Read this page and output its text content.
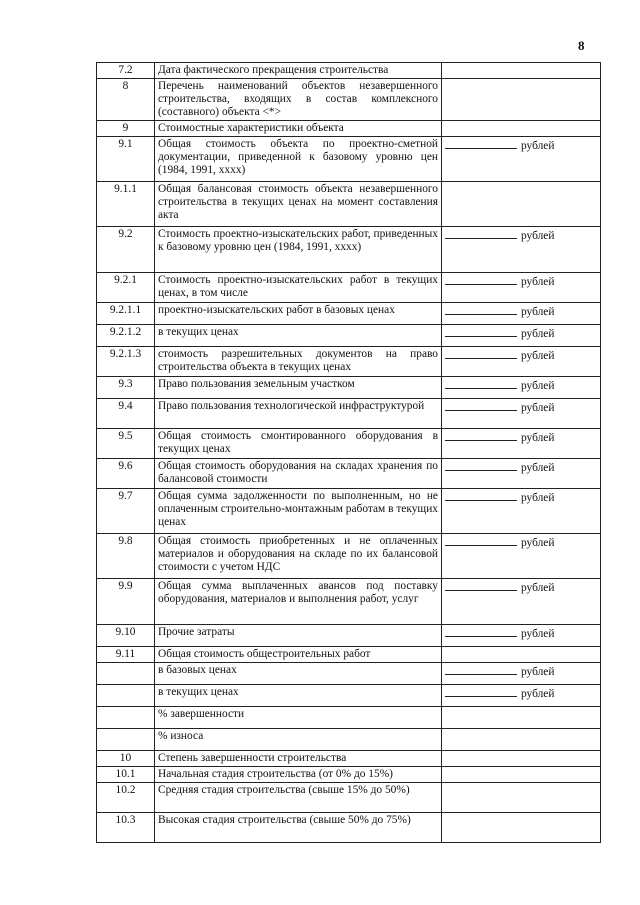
8
7.2	Дата фактического прекращения строительства	
8	Перечень наименований объектов незавершенного строительства, входящих в состав комплексного (составного) объекта <*>	
9	Стоимостные характеристики объекта	
9.1	Общая стоимость объекта по проектно-сметной документации, приведенной к базовому уровню цен (1984, 1991, хххх)	рублей
9.1.1	Общая балансовая стоимость объекта незавершенного строительства в текущих ценах на момент составления акта	
9.2	Стоимость проектно-изыскательских работ, приведенных к базовому уровню цен (1984, 1991, хххх)	рублей
9.2.1	Стоимость проектно-изыскательских работ в текущих ценах, в том числе	рублей
9.2.1.1	проектно-изыскательских работ в базовых ценах	рублей
9.2.1.2	в текущих ценах	рублей
9.2.1.3	стоимость разрешительных документов на право строительства объекта в текущих ценах	рублей
9.3	Право пользования земельным участком	рублей
9.4	Право пользования технологической инфраструктурой	рублей
9.5	Общая стоимость смонтированного оборудования в текущих ценах	рублей
9.6	Общая стоимость оборудования на складах хранения по балансовой стоимости	рублей
9.7	Общая сумма задолженности по выполненным, но не оплаченным строительно-монтажным работам в текущих ценах	рублей
9.8	Общая стоимость приобретенных и не оплаченных материалов и оборудования на складе по их балансовой стоимости с учетом НДС	рублей
9.9	Общая сумма выплаченных авансов под поставку оборудования, материалов и выполнения работ, услуг	рублей
9.10	Прочие затраты	рублей
9.11	Общая стоимость общестроительных работ	
	в базовых ценах	рублей
	в текущих ценах	рублей
	% завершенности	
	% износа	
10	Степень завершенности строительства	
10.1	Начальная стадия строительства (от 0% до 15%)	
10.2	Средняя стадия строительства (свыше 15% до 50%)	
10.3	Высокая стадия строительства (свыше 50% до 75%)	
